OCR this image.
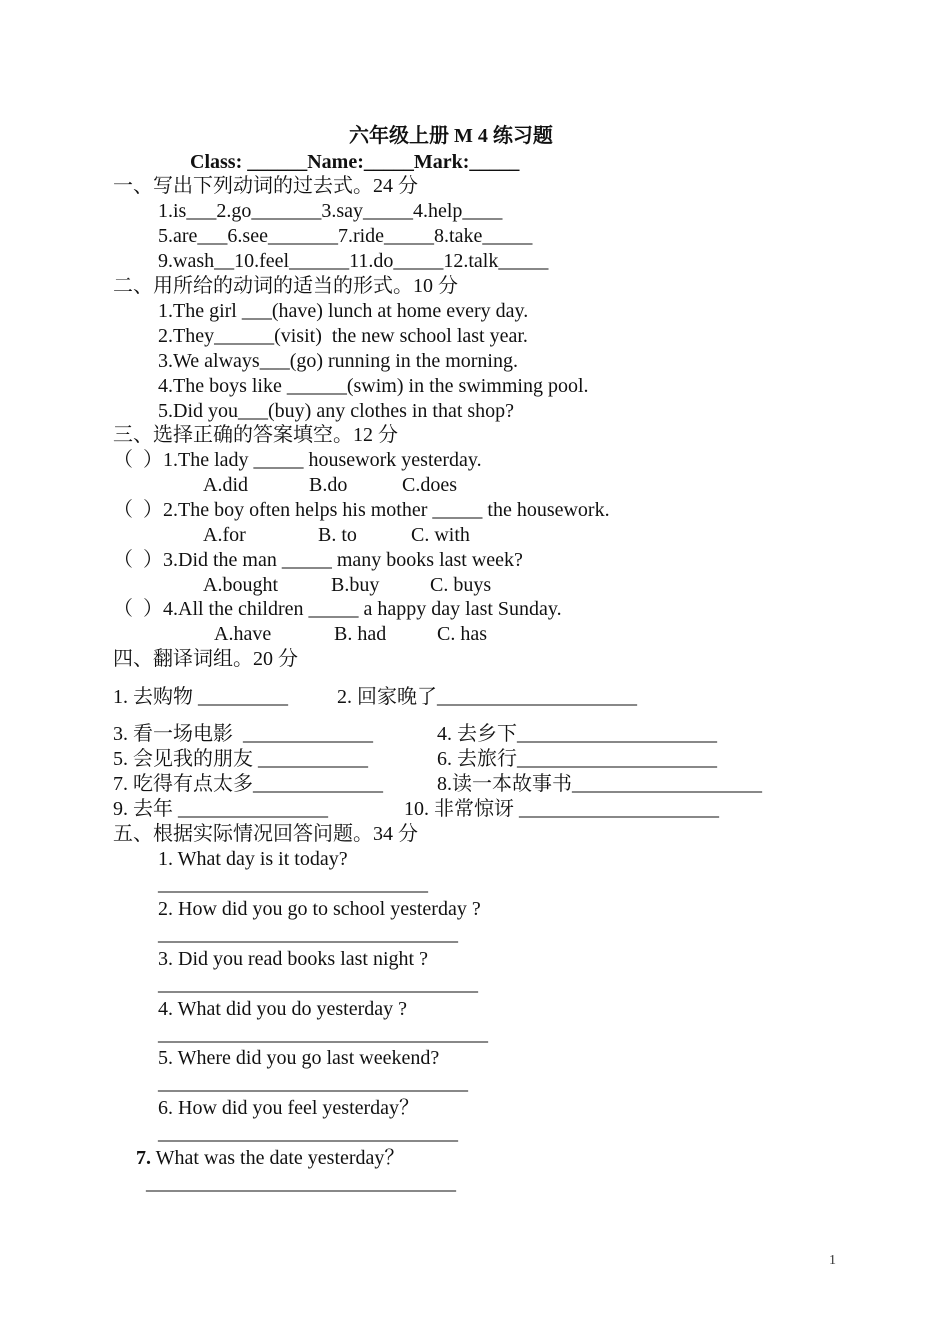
六年级上册 M 4 练习题
Class: ______Name:_____Mark:_____
一、写出下列动词的过去式。24 分
1.is___2.go_______3.say_____4.help____
5.are___6.see_______7.ride_____8.take_____
9.wash__10.feel______11.do_____12.talk_____
二、用所给的动词的适当的形式。10 分
1.The girl ___(have) lunch at home every day.
2.They______(visit)  the new school last year.
3.We always___(go) running in the morning.
4.The boys like ______(swim) in the swimming pool.
5.Did you___(buy) any clothes in that shop?
三、选择正确的答案填空。12 分
（  ）1.The lady _____ housework yesterday.
A.did	B.do	C.does
（  ）2.The boy often helps his mother _____ the housework.
A.for	B. to	C. with
（  ）3.Did the man _____ many books last week?
A.bought	B.buy	C. buys
（  ）4.All the children _____ a happy day last Sunday.
A.have	B. had	C. has
四、翻译词组。20 分
1. 去购物 _________ 2. 回家晚了____________________
3. 看一场电影  _____________	4. 去乡下____________________
5. 会见我的朋友 ___________	6. 去旅行____________________
7. 吃得有点太多_____________	8.读一本故事书___________________
9. 去年 _______________	10. 非常惊讶 ____________________
五、根据实际情况回答问题。34 分
1. What day is it today?
___________________________
2. How did you go to school yesterday ?
______________________________
3. Did you read books last night ?
________________________________
4. What did you do yesterday ?
_________________________________
5. Where did you go last weekend?
_______________________________
6. How did you feel yesterday？
______________________________
7. What was the date yesterday？
_______________________________
1
